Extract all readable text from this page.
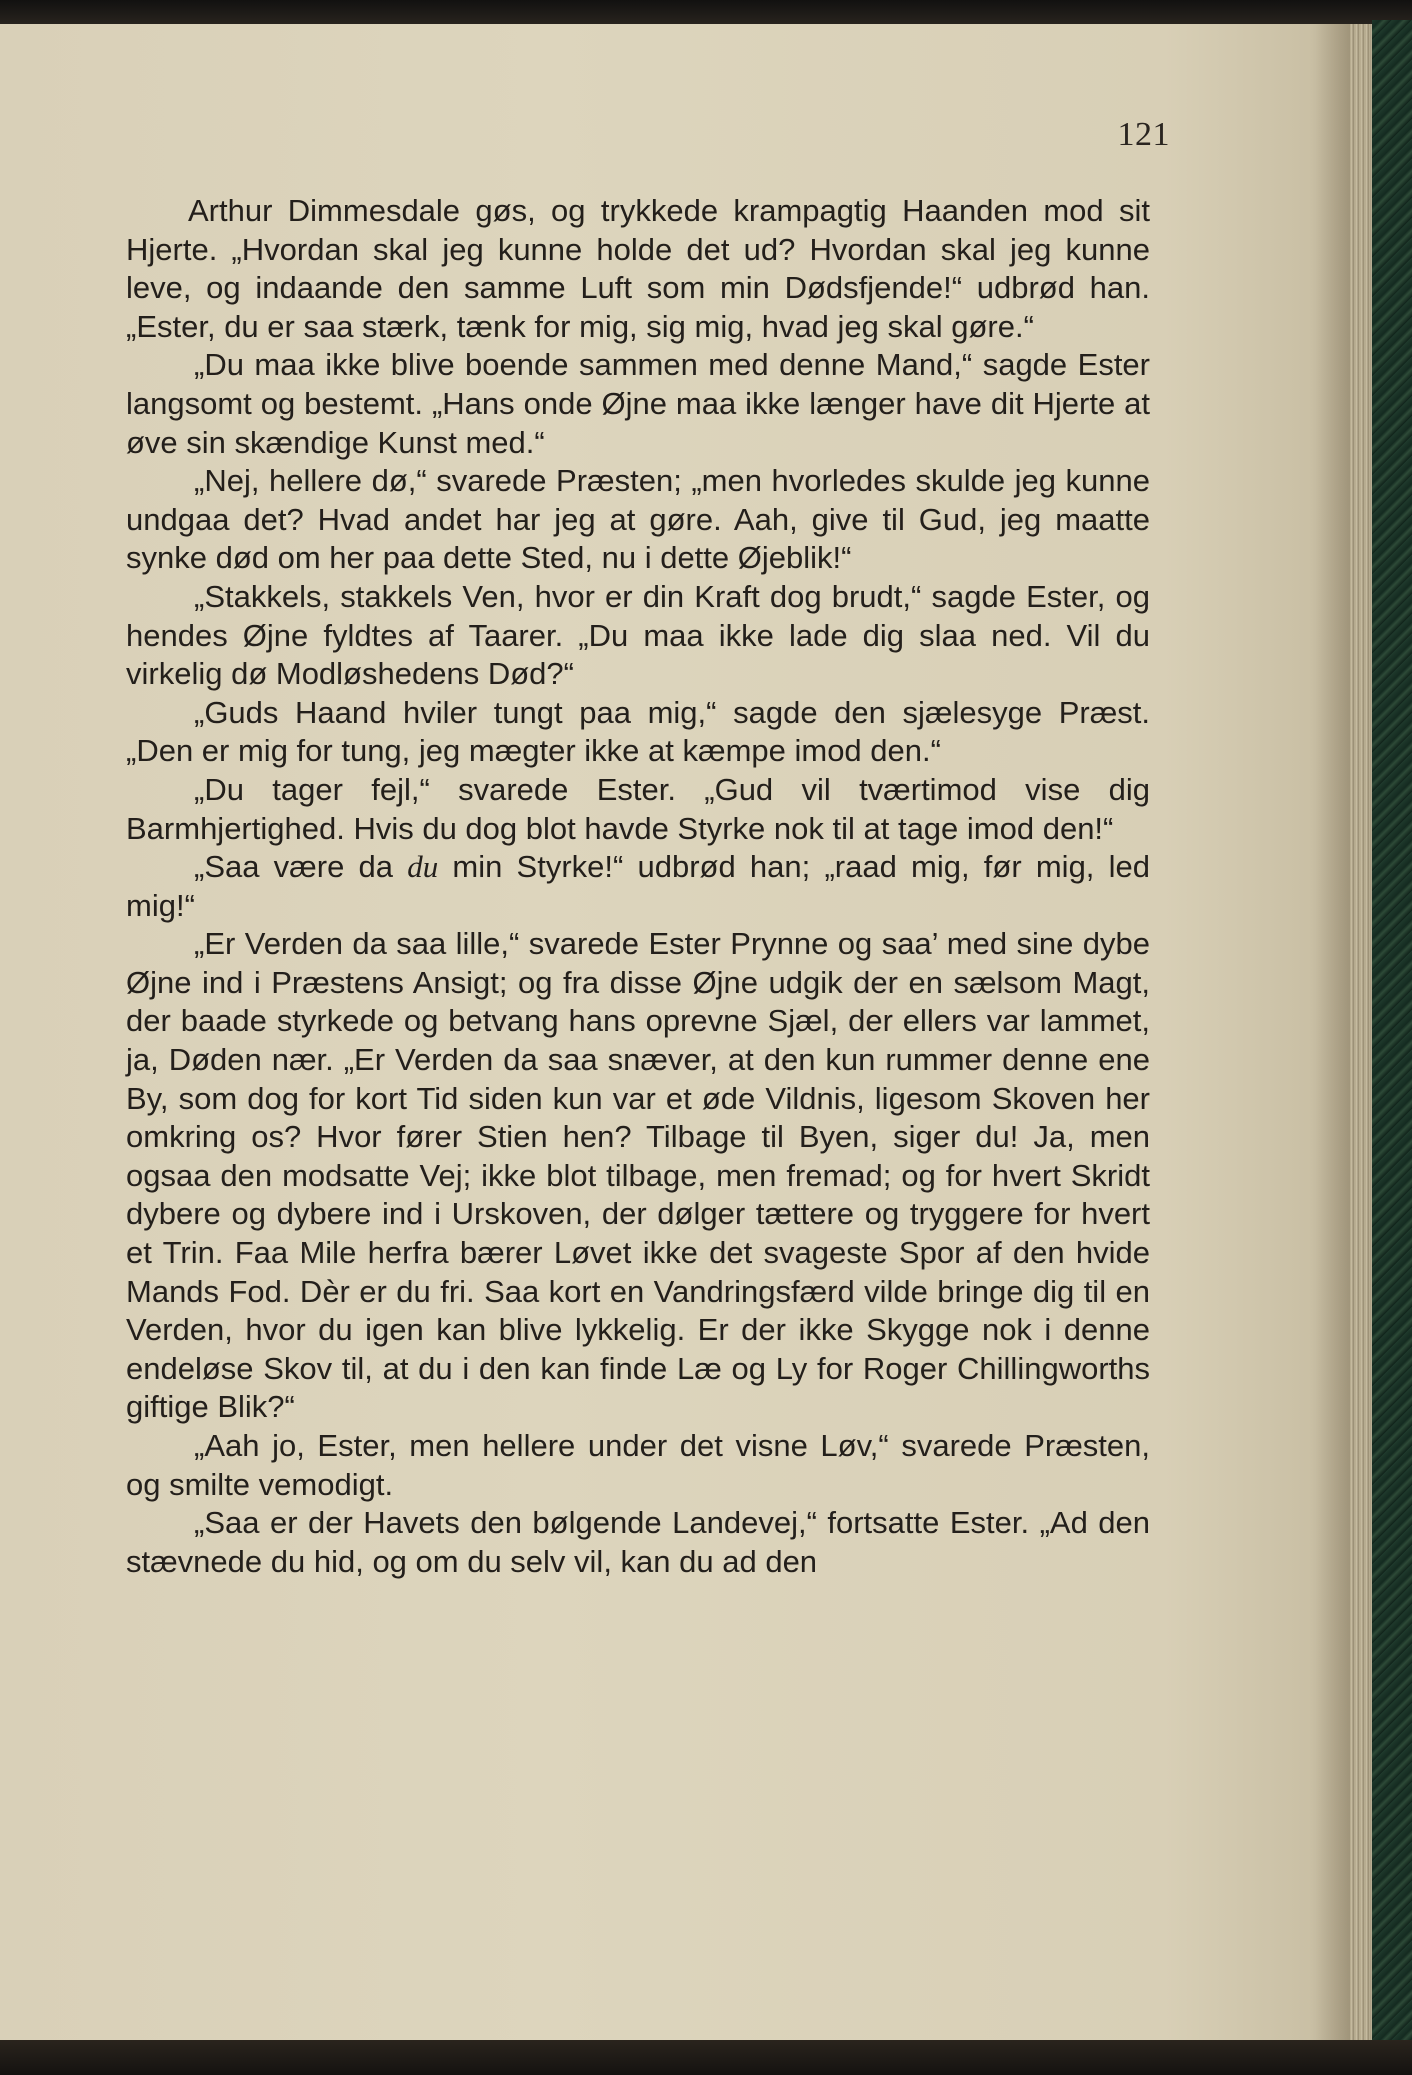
121

Arthur Dimmesdale gøs, og trykkede krampagtig Haanden mod sit Hjerte. „Hvordan skal jeg kunne holde det ud? Hvordan skal jeg kunne leve, og indaande den samme Luft som min Dødsfjende!“ udbrød han. „Ester, du er saa stærk, tænk for mig, sig mig, hvad jeg skal gøre.“

„Du maa ikke blive boende sammen med denne Mand,“ sagde Ester langsomt og bestemt. „Hans onde Øjne maa ikke længer have dit Hjerte at øve sin skændige Kunst med.“

„Nej, hellere dø,“ svarede Præsten; „men hvorledes skulde jeg kunne undgaa det? Hvad andet har jeg at gøre. Aah, give til Gud, jeg maatte synke død om her paa dette Sted, nu i dette Øjeblik!“

„Stakkels, stakkels Ven, hvor er din Kraft dog brudt,“ sagde Ester, og hendes Øjne fyldtes af Taarer. „Du maa ikke lade dig slaa ned. Vil du virkelig dø Modløshedens Død?“

„Guds Haand hviler tungt paa mig,“ sagde den sjælesyge Præst. „Den er mig for tung, jeg mægter ikke at kæmpe imod den.“

„Du tager fejl,“ svarede Ester. „Gud vil tværtimod vise dig Barmhjertighed. Hvis du dog blot havde Styrke nok til at tage imod den!“

„Saa være da du min Styrke!“ udbrød han; „raad mig, før mig, led mig!“

„Er Verden da saa lille,“ svarede Ester Prynne og saa’ med sine dybe Øjne ind i Præstens Ansigt; og fra disse Øjne udgik der en sælsom Magt, der baade styrkede og betvang hans oprevne Sjæl, der ellers var lammet, ja, Døden nær. „Er Verden da saa snæver, at den kun rummer denne ene By, som dog for kort Tid siden kun var et øde Vildnis, ligesom Skoven her omkring os? Hvor fører Stien hen? Tilbage til Byen, siger du! Ja, men ogsaa den modsatte Vej; ikke blot tilbage, men fremad; og for hvert Skridt dybere og dybere ind i Urskoven, der dølger tættere og tryggere for hvert et Trin. Faa Mile herfra bærer Løvet ikke det svageste Spor af den hvide Mands Fod. Dèr er du fri. Saa kort en Vandringsfærd vilde bringe dig til en Verden, hvor du igen kan blive lykkelig. Er der ikke Skygge nok i denne endeløse Skov til, at du i den kan finde Læ og Ly for Roger Chillingworths giftige Blik?“

„Aah jo, Ester, men hellere under det visne Løv,“ svarede Præsten, og smilte vemodigt.

„Saa er der Havets den bølgende Landevej,“ fortsatte Ester. „Ad den stævnede du hid, og om du selv vil, kan du ad den
